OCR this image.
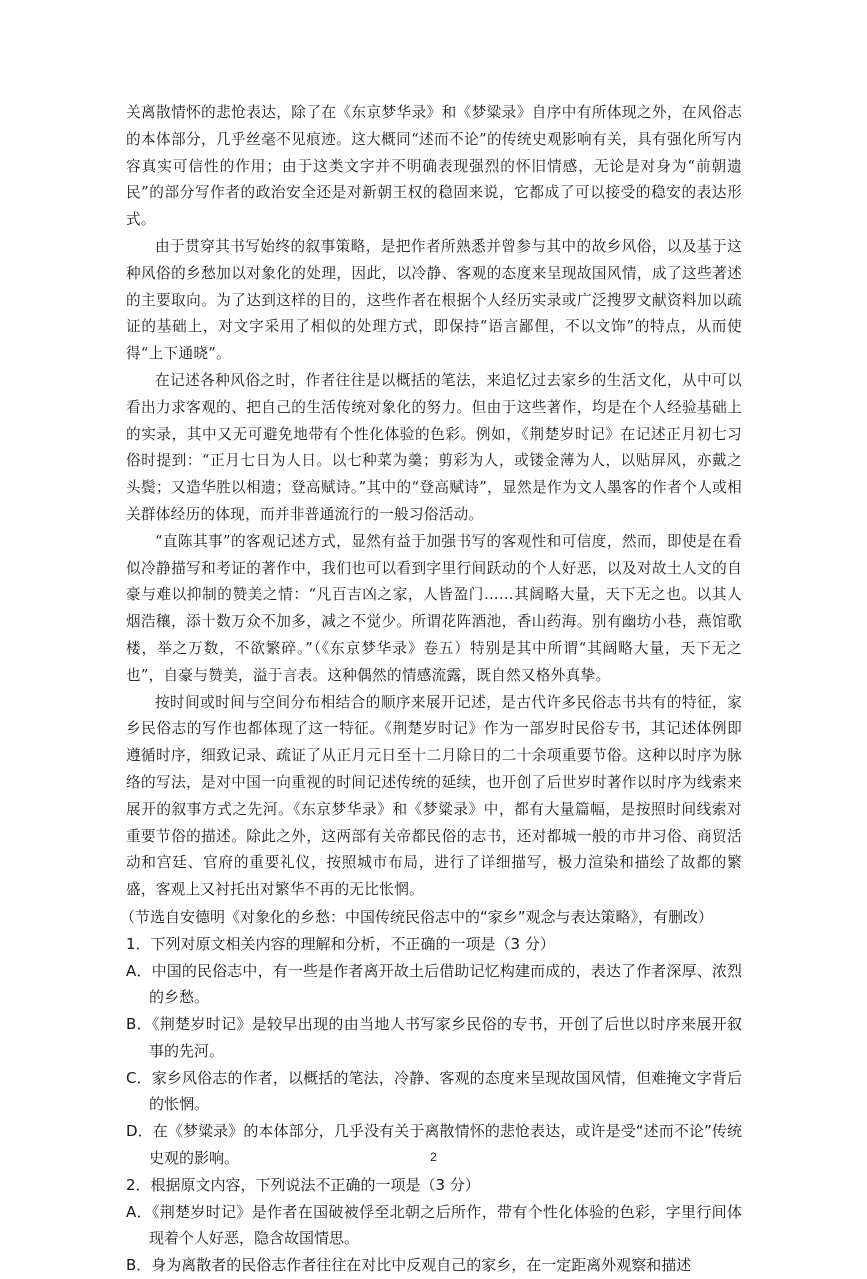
关离散情怀的悲怆表达，除了在《东京梦华录》和《梦粱录》自序中有所体现之外，在风俗志的本体部分，几乎丝毫不见痕迹。这大概同“述而不论”的传统史观影响有关，具有强化所写内容真实可信性的作用；由于这类文字并不明确表现强烈的怀旧情感，无论是对身为“前朝遗民”的部分写作者的政治安全还是对新朝王权的稳固来说，它都成了可以接受的稳安的表达形式。

由于贯穿其书写始终的叙事策略，是把作者所熟悉并曾参与其中的故乡风俗，以及基于这种风俗的乡愁加以对象化的处理，因此，以冷静、客观的态度来呈现故国风情，成了这些著述的主要取向。为了达到这样的目的，这些作者在根据个人经历实录或广泛搜罗文献资料加以疏证的基础上，对文字采用了相似的处理方式，即保持“语言鄙俚，不以文饰”的特点，从而使得“上下通晓”。

在记述各种风俗之时，作者往往是以概括的笔法，来追忆过去家乡的生活文化，从中可以看出力求客观的、把自己的生活传统对象化的努力。但由于这些著作，均是在个人经验基础上的实录，其中又无可避免地带有个性化体验的色彩。例如，《荆楚岁时记》在记述正月初七习俗时提到：“正月七日为人日。以七种菜为羹；剪彩为人，或镂金薄为人，以贴屏风，亦戴之头鬓；又造华胜以相遗；登高赋诗。”其中的“登高赋诗”，显然是作为文人墨客的作者个人或相关群体经历的体现，而并非普通流行的一般习俗活动。

“直陈其事”的客观记述方式，显然有益于加强书写的客观性和可信度，然而，即使是在看似冷静描写和考证的著作中，我们也可以看到字里行间跃动的个人好恶，以及对故土人文的自豪与难以抑制的赞美之情：“凡百吉凶之家，人皆盈门……其阔略大量，天下无之也。以其人烟浩穰，添十数万众不加多，减之不觉少。所谓花阵酒池，香山药海。别有幽坊小巷，燕馆歌楼，举之万数，不欲繁碎。”（《东京梦华录》卷五）特别是其中所谓“其阔略大量，天下无之也”，自豪与赞美，溢于言表。这种偶然的情感流露，既自然又格外真挚。

按时间或时间与空间分布相结合的顺序来展开记述，是古代许多民俗志书共有的特征，家乡民俗志的写作也都体现了这一特征。《荆楚岁时记》作为一部岁时民俗专书，其记述体例即遵循时序，细致记录、疏证了从正月元日至十二月除日的二十余项重要节俗。这种以时序为脉络的写法，是对中国一向重视的时间记述传统的延续，也开创了后世岁时著作以时序为线索来展开的叙事方式之先河。《东京梦华录》和《梦粱录》中，都有大量篇幅，是按照时间线索对重要节俗的描述。除此之外，这两部有关帝都民俗的志书，还对都城一般的市井习俗、商贸活动和宫廷、官府的重要礼仪，按照城市布局，进行了详细描写，极力渲染和描绘了故都的繁盛，客观上又衬托出对繁华不再的无比怅惘。

（节选自安德明《对象化的乡愁：中国传统民俗志中的“家乡”观念与表达策略》，有删改）

1．下列对原文相关内容的理解和分析，不正确的一项是（3 分）

A．中国的民俗志中，有一些是作者离开故土后借助记忆构建而成的，表达了作者深厚、浓烈的乡愁。

B．《荆楚岁时记》是较早出现的由当地人书写家乡民俗的专书，开创了后世以时序来展开叙事的先河。

C．家乡风俗志的作者，以概括的笔法，冷静、客观的态度来呈现故国风情，但难掩文字背后的怅惘。

D．在《梦粱录》的本体部分，几乎没有关于离散情怀的悲怆表达，或许是受“述而不论”传统史观的影响。

2．根据原文内容，下列说法不正确的一项是（3 分）

A．《荆楚岁时记》是作者在国破被俘至北朝之后所作，带有个性化体验的色彩，字里行间体现着个人好恶，隐含故国情思。

B．身为离散者的民俗志作者往往在对比中反观自己的家乡，在一定距离外观察和描述

2
